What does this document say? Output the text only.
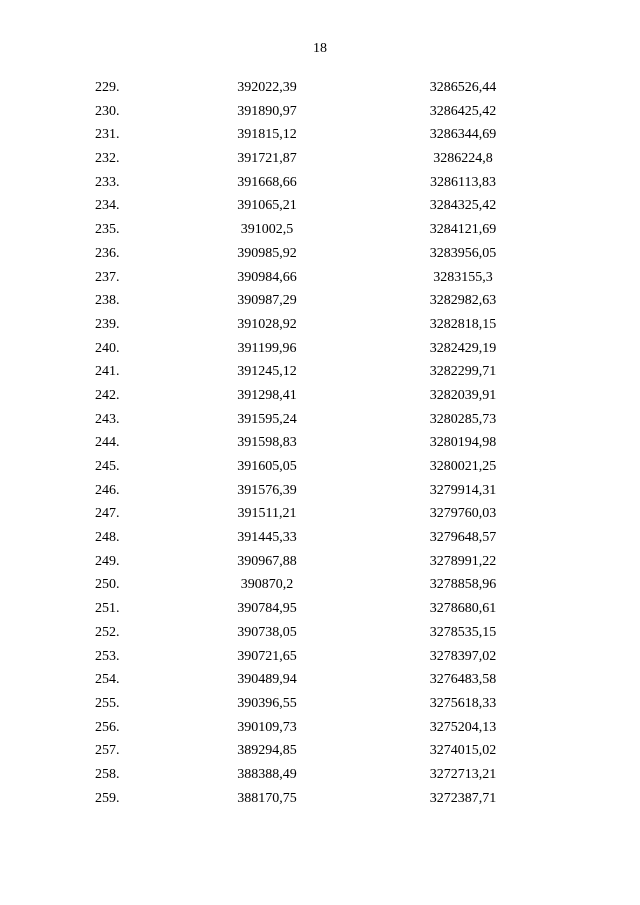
18
229.	392022,39	3286526,44
230.	391890,97	3286425,42
231.	391815,12	3286344,69
232.	391721,87	3286224,8
233.	391668,66	3286113,83
234.	391065,21	3284325,42
235.	391002,5	3284121,69
236.	390985,92	3283956,05
237.	390984,66	3283155,3
238.	390987,29	3282982,63
239.	391028,92	3282818,15
240.	391199,96	3282429,19
241.	391245,12	3282299,71
242.	391298,41	3282039,91
243.	391595,24	3280285,73
244.	391598,83	3280194,98
245.	391605,05	3280021,25
246.	391576,39	3279914,31
247.	391511,21	3279760,03
248.	391445,33	3279648,57
249.	390967,88	3278991,22
250.	390870,2	3278858,96
251.	390784,95	3278680,61
252.	390738,05	3278535,15
253.	390721,65	3278397,02
254.	390489,94	3276483,58
255.	390396,55	3275618,33
256.	390109,73	3275204,13
257.	389294,85	3274015,02
258.	388388,49	3272713,21
259.	388170,75	3272387,71
